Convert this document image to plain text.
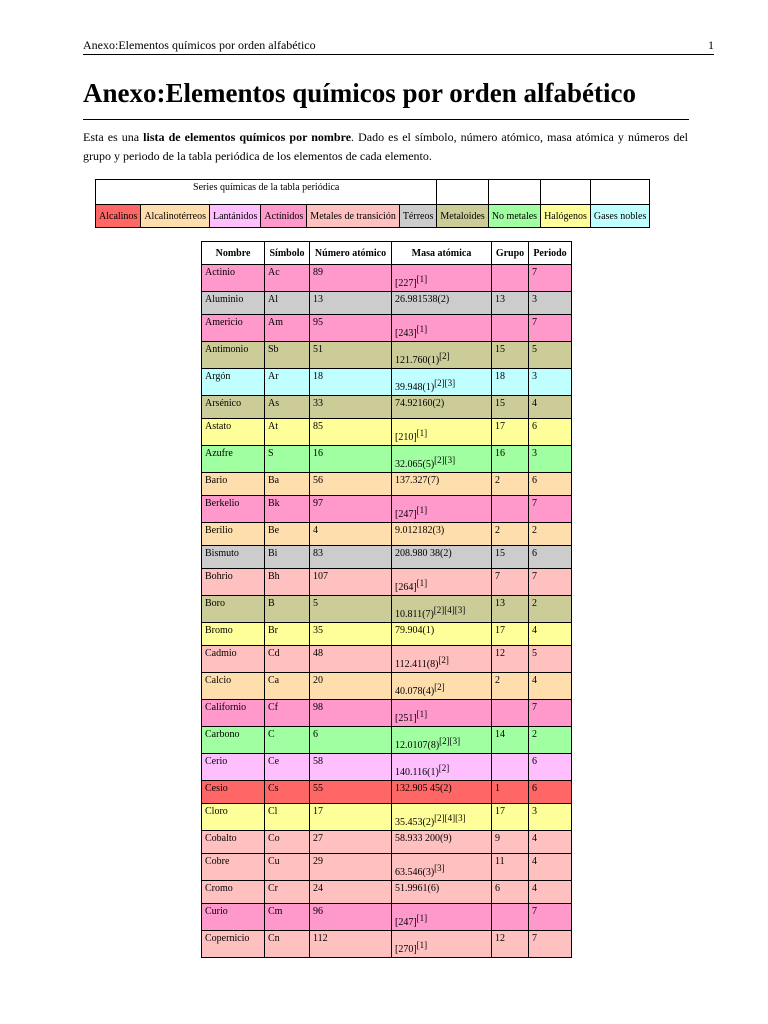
Anexo:Elementos químicos por orden alfabético	1
Anexo:Elementos químicos por orden alfabético

Esta es una lista de elementos químicos por nombre. Dado es el símbolo, número atómico, masa atómica y números del grupo y periodo de la tabla periódica de los elementos de cada elemento.

Series químicas de la tabla periódica									
Alcalinos	Alcalinotérreos	Lantánidos	Actínidos	Metales de transición	Térreos	Metaloides	No metales	Halógenos	Gases nobles
Nombre	Símbolo	Número atómico	Masa atómica	Grupo	Periodo
Actinio	Ac	89	[227][1]		7
Aluminio	Al	13	26.981538(2)	13	3
Americio	Am	95	[243][1]		7
Antimonio	Sb	51	121.760(1)[2]	15	5
Argón	Ar	18	39.948(1)[2][3]	18	3
Arsénico	As	33	74.92160(2)	15	4
Astato	At	85	[210][1]	17	6
Azufre	S	16	32.065(5)[2][3]	16	3
Bario	Ba	56	137.327(7)	2	6
Berkelio	Bk	97	[247][1]		7
Berilio	Be	4	9.012182(3)	2	2
Bismuto	Bi	83	208.980 38(2)	15	6
Bohrio	Bh	107	[264][1]	7	7
Boro	B	5	10.811(7)[2][4][3]	13	2
Bromo	Br	35	79.904(1)	17	4
Cadmio	Cd	48	112.411(8)[2]	12	5
Calcio	Ca	20	40.078(4)[2]	2	4
Californio	Cf	98	[251][1]		7
Carbono	C	6	12.0107(8)[2][3]	14	2
Cerio	Ce	58	140.116(1)[2]		6
Cesio	Cs	55	132.905 45(2)	1	6
Cloro	Cl	17	35.453(2)[2][4][3]	17	3
Cobalto	Co	27	58.933 200(9)	9	4
Cobre	Cu	29	63.546(3)[3]	11	4
Cromo	Cr	24	51.9961(6)	6	4
Curio	Cm	96	[247][1]		7
Copernicio	Cn	112	[270][1]	12	7
